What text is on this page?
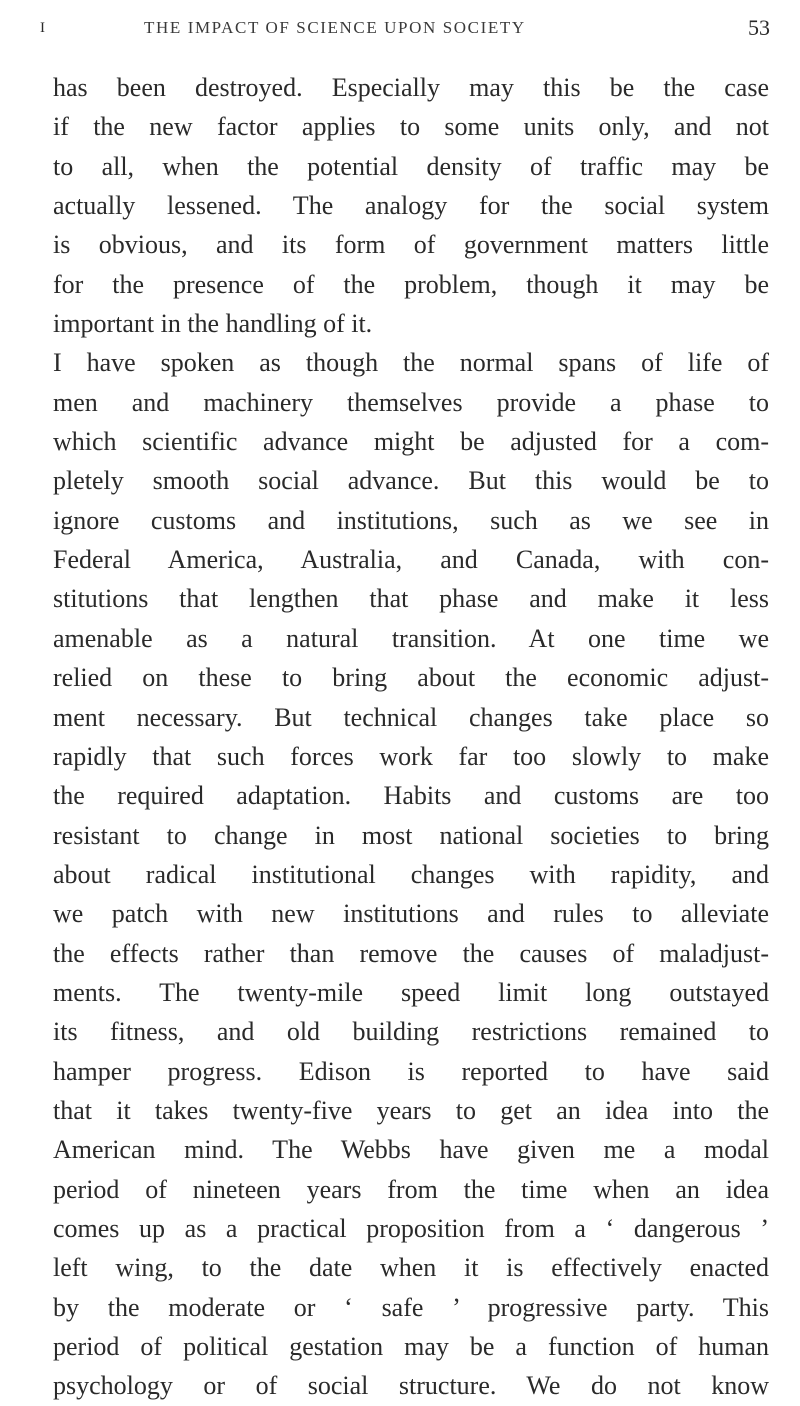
I	THE IMPACT OF SCIENCE UPON SOCIETY	53
has been destroyed. Especially may this be the case
if the new factor applies to some units only, and not
to all, when the potential density of traffic may be
actually lessened. The analogy for the social system
is obvious, and its form of government matters little
for the presence of the problem, though it may be
important in the handling of it.
I have spoken as though the normal spans of life of
men and machinery themselves provide a phase to
which scientific advance might be adjusted for a com-
pletely smooth social advance. But this would be to
ignore customs and institutions, such as we see in
Federal America, Australia, and Canada, with con-
stitutions that lengthen that phase and make it less
amenable as a natural transition. At one time we
relied on these to bring about the economic adjust-
ment necessary. But technical changes take place so
rapidly that such forces work far too slowly to make
the required adaptation. Habits and customs are too
resistant to change in most national societies to bring
about radical institutional changes with rapidity, and
we patch with new institutions and rules to alleviate
the effects rather than remove the causes of maladjust-
ments. The twenty-mile speed limit long outstayed
its fitness, and old building restrictions remained to
hamper progress. Edison is reported to have said
that it takes twenty-five years to get an idea into the
American mind. The Webbs have given me a modal
period of nineteen years from the time when an idea
comes up as a practical proposition from a ‘ dangerous ’
left wing, to the date when it is effectively enacted
by the moderate or ‘ safe ’ progressive party. This
period of political gestation may be a function of human
psychology or of social structure. We do not know
